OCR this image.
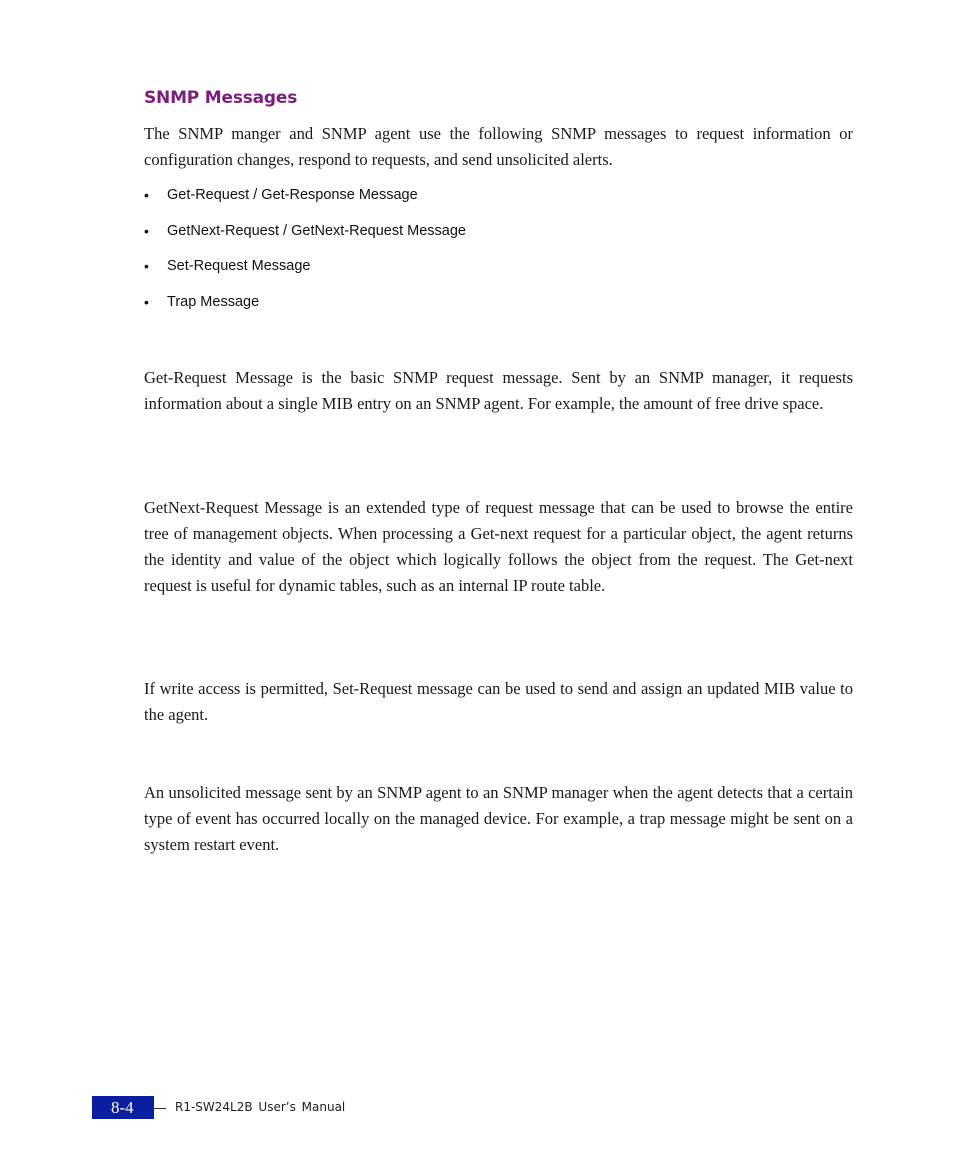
SNMP Messages

The SNMP manger and SNMP agent use the following SNMP messages to request information or configuration changes, respond to requests, and send unsolicited alerts.

• Get-Request / Get-Response Message
• GetNext-Request / GetNext-Request Message
• Set-Request Message
• Trap Message

Get-Request Message is the basic SNMP request message. Sent by an SNMP manager, it requests information about a single MIB entry on an SNMP agent. For example, the amount of free drive space.

GetNext-Request Message is an extended type of request message that can be used to browse the entire tree of management objects. When processing a Get-next request for a particular object, the agent returns the identity and value of the object which logically follows the object from the request. The Get-next request is useful for dynamic tables, such as an internal IP route table.

If write access is permitted, Set-Request message can be used to send and assign an updated MIB value to the agent.

An unsolicited message sent by an SNMP agent to an SNMP manager when the agent detects that a certain type of event has occurred locally on the managed device. For example, a trap message might be sent on a system restart event.

8-4	R1-SW24L2B User’s Manual
